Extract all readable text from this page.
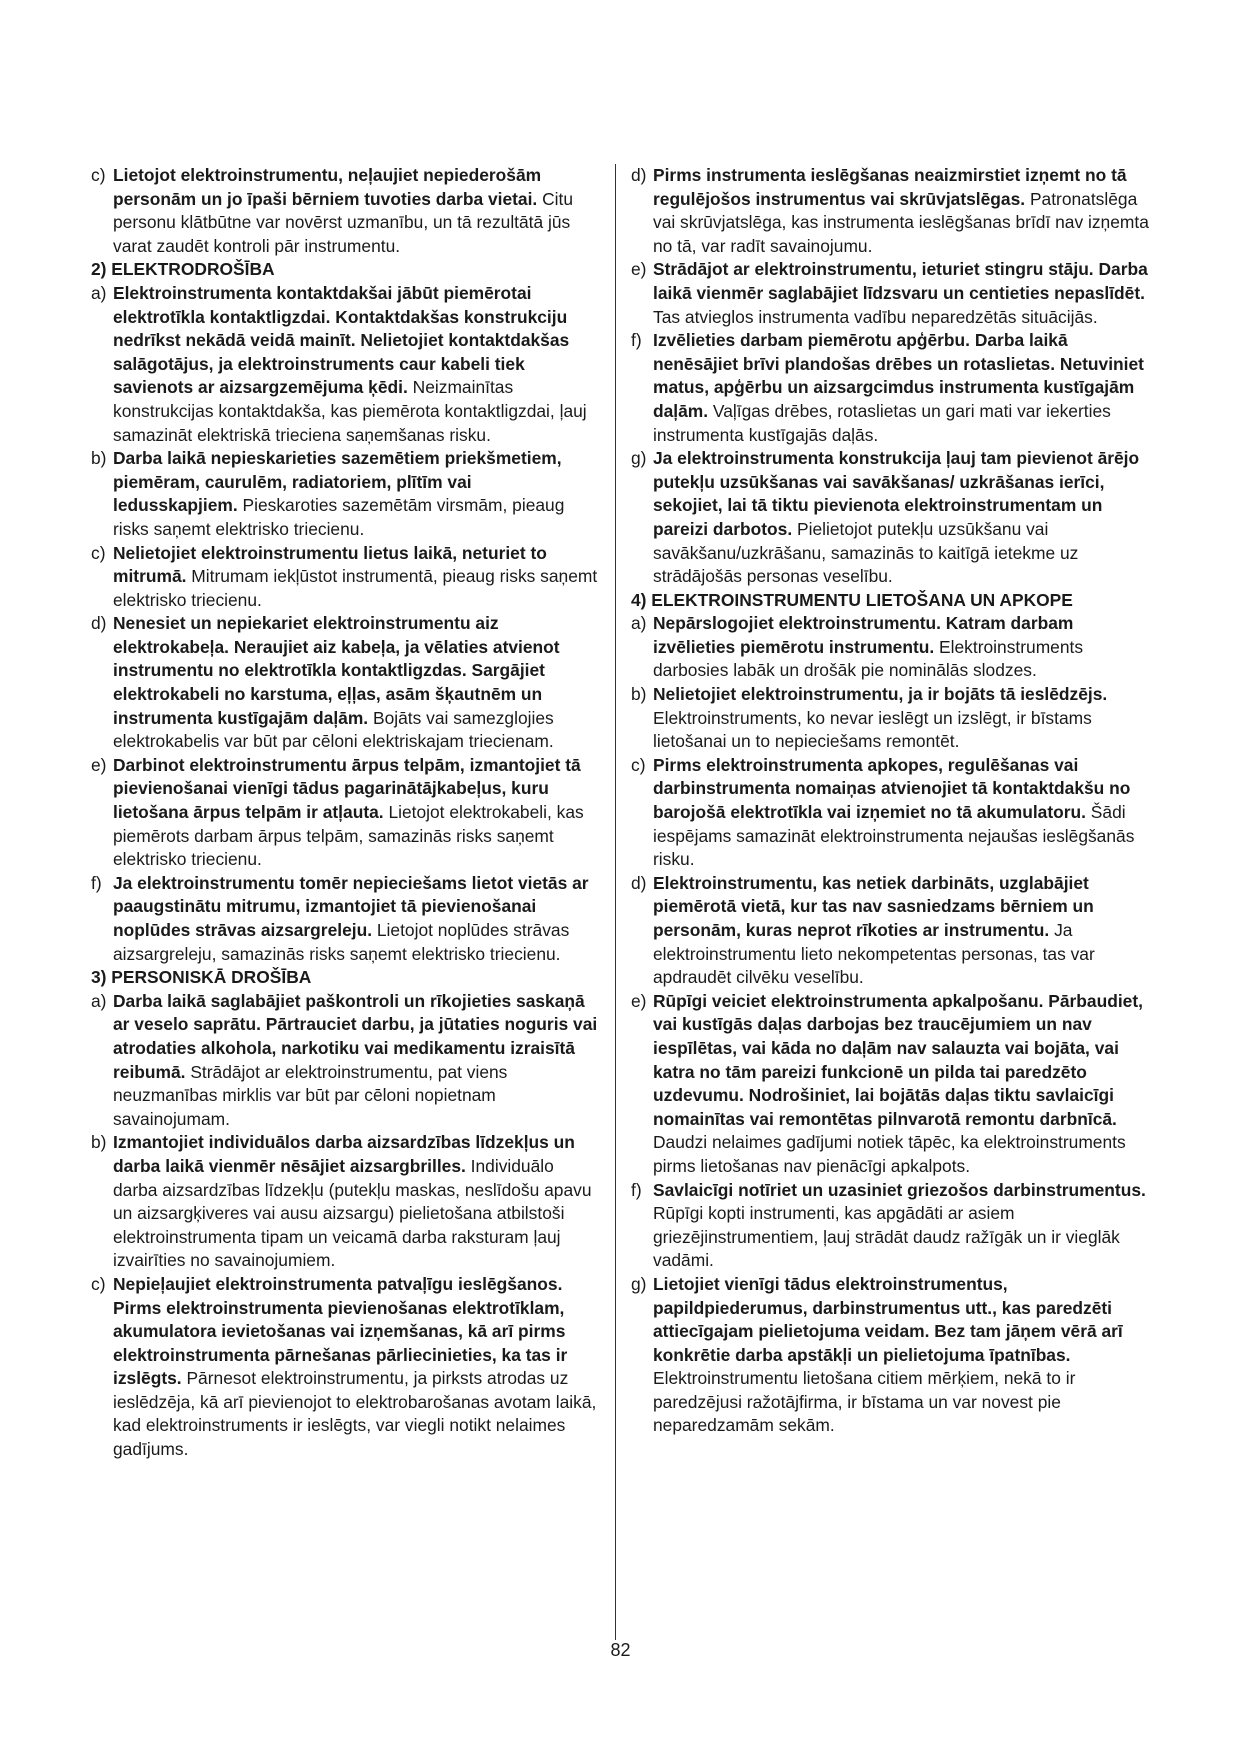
c) Lietojot elektroinstrumentu, neļaujiet nepiederošām personām un jo īpaši bērniem tuvoties darba vietai. Citu personu klātbūtne var novērst uzmanību, un tā rezultātā jūs varat zaudēt kontroli pār instrumentu.
2) ELEKTRODROŠĪBA
a) Elektroinstrumenta kontaktdakšai jābūt piemērotai elektrotīkla kontaktligzdai. Kontaktdakšas konstrukciju nedrīkst nekādā veidā mainīt. Nelietojiet kontaktdakšas salāgotājus, ja elektroinstruments caur kabeli tiek savienots ar aizsargzemējuma ķēdi. Neizmainītas konstrukcijas kontaktdakša, kas piemērota kontaktligzdai, ļauj samazināt elektriskā trieciena saņemšanas risku.
b) Darba laikā nepieskarieties sazemētiem priekšmetiem, piemēram, caurulēm, radiatoriem, plītīm vai ledusskapjiem. Pieskaroties sazemētām virsmām, pieaug risks saņemt elektrisko triecienu.
c) Nelietojiet elektroinstrumentu lietus laikā, neturiet to mitrumā. Mitrumam iekļūstot instrumentā, pieaug risks saņemt elektrisko triecienu.
d) Nenesiet un nepiekariet elektroinstrumentu aiz elektrokabeļa. Neraujiet aiz kabeļa, ja vēlaties atvienot instrumentu no elektrotīkla kontaktligzdas. Sargājiet elektrokabeli no karstuma, eļļas, asām šķautnēm un instrumenta kustīgajām daļām. Bojāts vai samezglojies elektrokabelis var būt par cēloni elektriskajam triecienam.
e) Darbinot elektroinstrumentu ārpus telpām, izmantojiet tā pievienošanai vienīgi tādus pagarinātājkabeļus, kuru lietošana ārpus telpām ir atļauta. Lietojot elektrokabeli, kas piemērots darbam ārpus telpām, samazinās risks saņemt elektrisko triecienu.
f) Ja elektroinstrumentu tomēr nepieciešams lietot vietās ar paaugstinātu mitrumu, izmantojiet tā pievienošanai noplūdes strāvas aizsargreleju. Lietojot noplūdes strāvas aizsargreleju, samazinās risks saņemt elektrisko triecienu.
3) PERSONISKĀ DROŠĪBA
a) Darba laikā saglabājiet paškontroli un rīkojieties saskaņā ar veselo saprātu. Pārtrauciet darbu, ja jūtaties noguris vai atrodaties alkohola, narkotiku vai medikamentu izraisītā reibumā. Strādājot ar elektroinstrumentu, pat viens neuzmanības mirklis var būt par cēloni nopietnam savainojumam.
b) Izmantojiet individuālos darba aizsardzības līdzekļus un darba laikā vienmēr nēsājiet aizsargbrilles. Individuālo darba aizsardzības līdzekļu (putekļu maskas, neslīdošu apavu un aizsargķiveres vai ausu aizsargu) pielietošana atbilstoši elektroinstrumenta tipam un veicamā darba raksturam ļauj izvairīties no savainojumiem.
c) Nepieļaujiet elektroinstrumenta patvaļīgu ieslēgšanos. Pirms elektroinstrumenta pievienošanas elektrotīklam, akumulatora ievietošanas vai izņemšanas, kā arī pirms elektroinstrumenta pārnešanas pārliecinieties, ka tas ir izslēgts. Pārnesot elektroinstrumentu, ja pirksts atrodas uz ieslēdzēja, kā arī pievienojot to elektrobarošanas avotam laikā, kad elektroinstruments ir ieslēgts, var viegli notikt nelaimes gadījums.
d) Pirms instrumenta ieslēgšanas neaizmirstiet izņemt no tā regulējošos instrumentus vai skrūvjatslēgas. Patronatslēga vai skrūvjatslēga, kas instrumenta ieslēgšanas brīdī nav izņemta no tā, var radīt savainojumu.
e) Strādājot ar elektroinstrumentu, ieturiet stingru stāju. Darba laikā vienmēr saglabājiet līdzsvaru un centieties nepaslīdēt. Tas atvieglos instrumenta vadību neparedzētās situācijās.
f) Izvēlieties darbam piemērotu apģērbu. Darba laikā nenēsājiet brīvi plandošas drēbes un rotaslietas. Netuviniet matus, apģērbu un aizsargcimdus instrumenta kustīgajām daļām. Vaļīgas drēbes, rotaslietas un gari mati var iekerties instrumenta kustīgajās daļās.
g) Ja elektroinstrumenta konstrukcija ļauj tam pievienot ārējo putekļu uzsūkšanas vai savākšanas/ uzkrāšanas ierīci, sekojiet, lai tā tiktu pievienota elektroinstrumentam un pareizi darbotos. Pielietojot putekļu uzsūkšanu vai savākšanu/uzkrāšanu, samazinās to kaitīgā ietekme uz strādājošās personas veselību.
4) ELEKTROINSTRUMENTU LIETOŠANA UN APKOPE
a) Nepārslogojiet elektroinstrumentu. Katram darbam izvēlieties piemērotu instrumentu. Elektroinstruments darbosies labāk un drošāk pie nominālās slodzes.
b) Nelietojiet elektroinstrumentu, ja ir bojāts tā ieslēdzējs. Elektroinstruments, ko nevar ieslēgt un izslēgt, ir bīstams lietošanai un to nepieciešams remontēt.
c) Pirms elektroinstrumenta apkopes, regulēšanas vai darbinstrumenta nomaiņas atvienojiet tā kontaktdakšu no barojošā elektrotīkla vai izņemiet no tā akumulatoru. Šādi iespējams samazināt elektroinstrumenta nejaušas ieslēgšanās risku.
d) Elektroinstrumentu, kas netiek darbināts, uzglabājiet piemērotā vietā, kur tas nav sasniedzams bērniem un personām, kuras neprot rīkoties ar instrumentu. Ja elektroinstrumentu lieto nekompetentas personas, tas var apdraudēt cilvēku veselību.
e) Rūpīgi veiciet elektroinstrumenta apkalpošanu. Pārbaudiet, vai kustīgās daļas darbojas bez traucējumiem un nav iespīlētas, vai kāda no daļām nav salauzta vai bojāta, vai katra no tām pareizi funkcionē un pilda tai paredzēto uzdevumu. Nodrošiniet, lai bojātās daļas tiktu savlaicīgi nomainītas vai remontētas pilnvarotā remontu darbnīcā. Daudzi nelaimes gadījumi notiek tāpēc, ka elektroinstruments pirms lietošanas nav pienācīgi apkalpots.
f) Savlaicīgi notīriet un uzasiniet griezošos darbinstrumentus. Rūpīgi kopti instrumenti, kas apgādāti ar asiem griezējinstrumentiem, ļauj strādāt daudz ražīgāk un ir vieglāk vadāmi.
g) Lietojiet vienīgi tādus elektroinstrumentus, papildpiederumus, darbinstrumentus utt., kas paredzēti attiecīgajam pielietojuma veidam. Bez tam jāņem vērā arī konkrētie darba apstākļi un pielietojuma īpatnības. Elektroinstrumentu lietošana citiem mērķiem, nekā to ir paredzējusi ražotājfirma, ir bīstama un var novest pie neparedzamām sekām.
82
